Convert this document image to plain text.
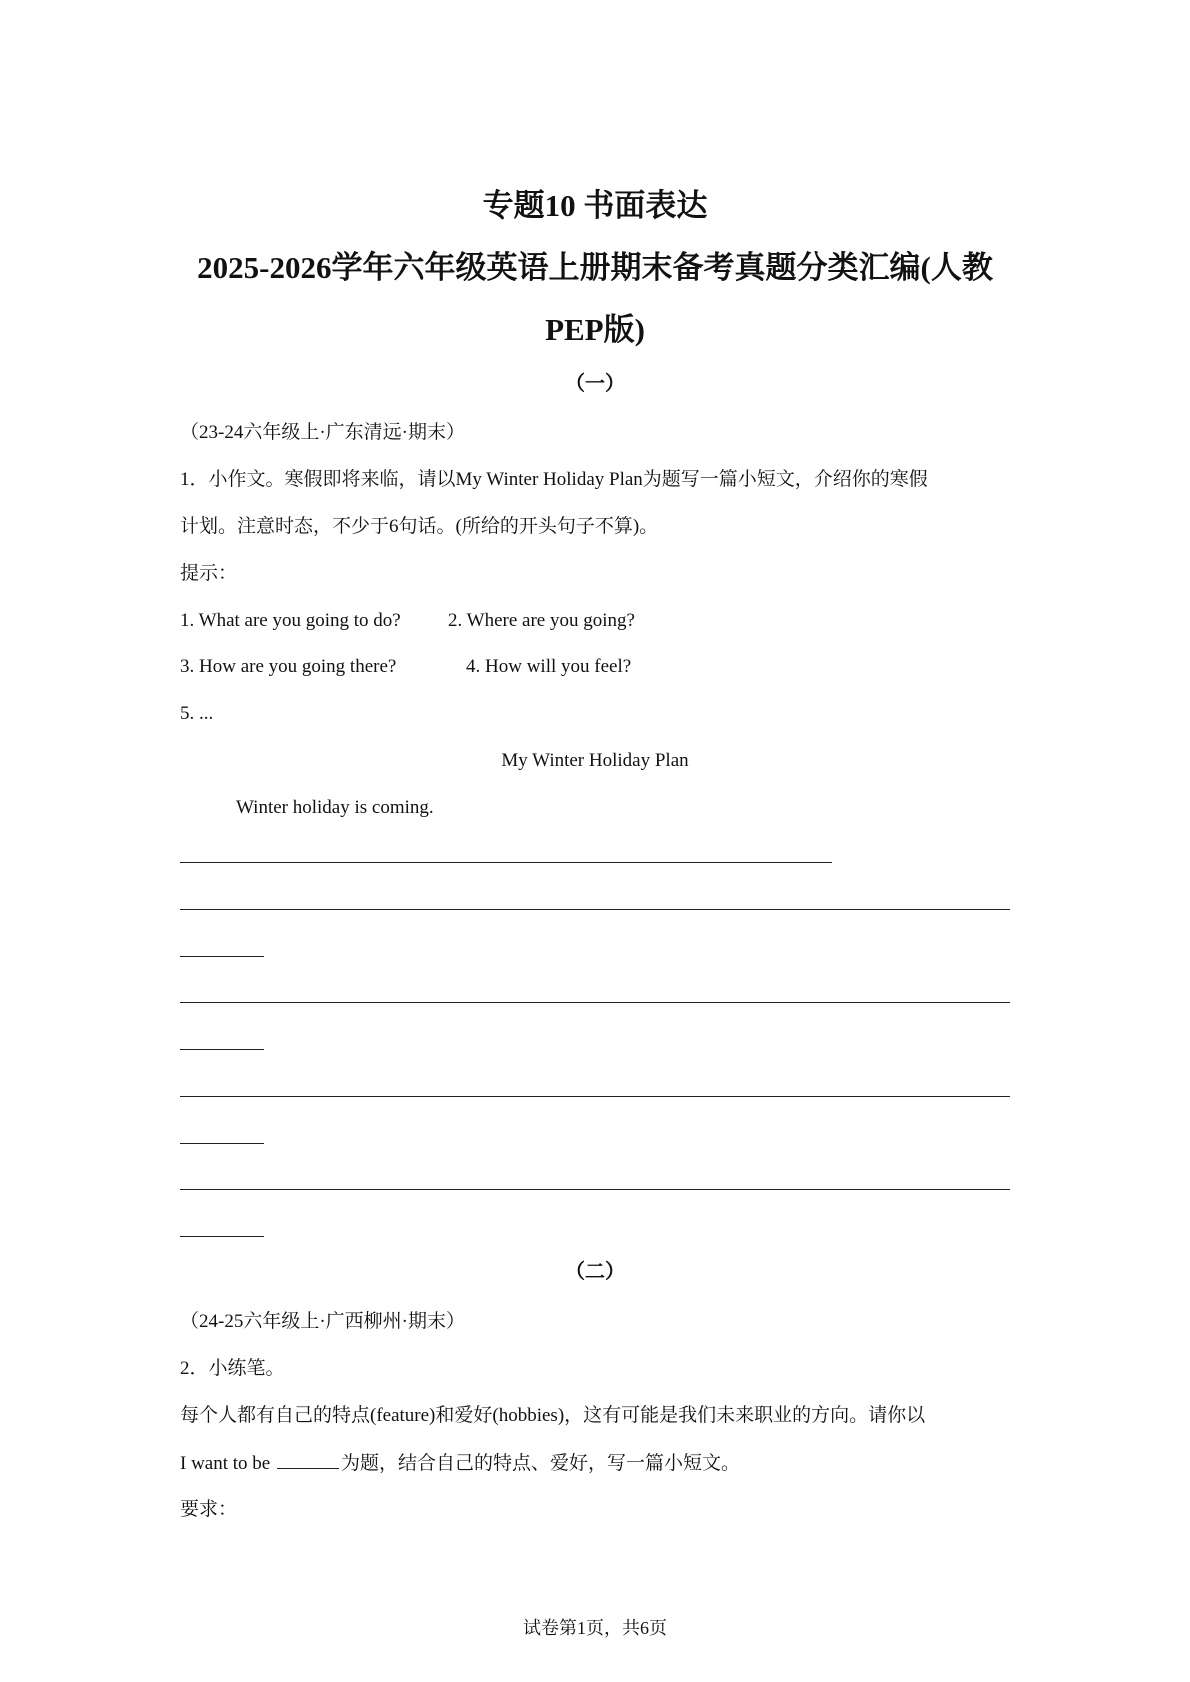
专题10 书面表达
2025-2026学年六年级英语上册期末备考真题分类汇编(人教
PEP版)
（一）
（23-24六年级上·广东清远·期末）
1．小作文。寒假即将来临，请以My Winter Holiday Plan为题写一篇小短文，介绍你的寒假
计划。注意时态，不少于6句话。(所给的开头句子不算)。
提示：
1. What are you going to do? 2. Where are you going?
3. How are you going there?	4. How will you feel?
5. ...
My Winter Holiday Plan
Winter holiday is coming.
（二）
（24-25六年级上·广西柳州·期末）
2．小练笔。
每个人都有自己的特点(feature)和爱好(hobbies)，这有可能是我们未来职业的方向。请你以
I want to be	为题，结合自己的特点、爱好，写一篇小短文。
要求：
试卷第1页，共6页
